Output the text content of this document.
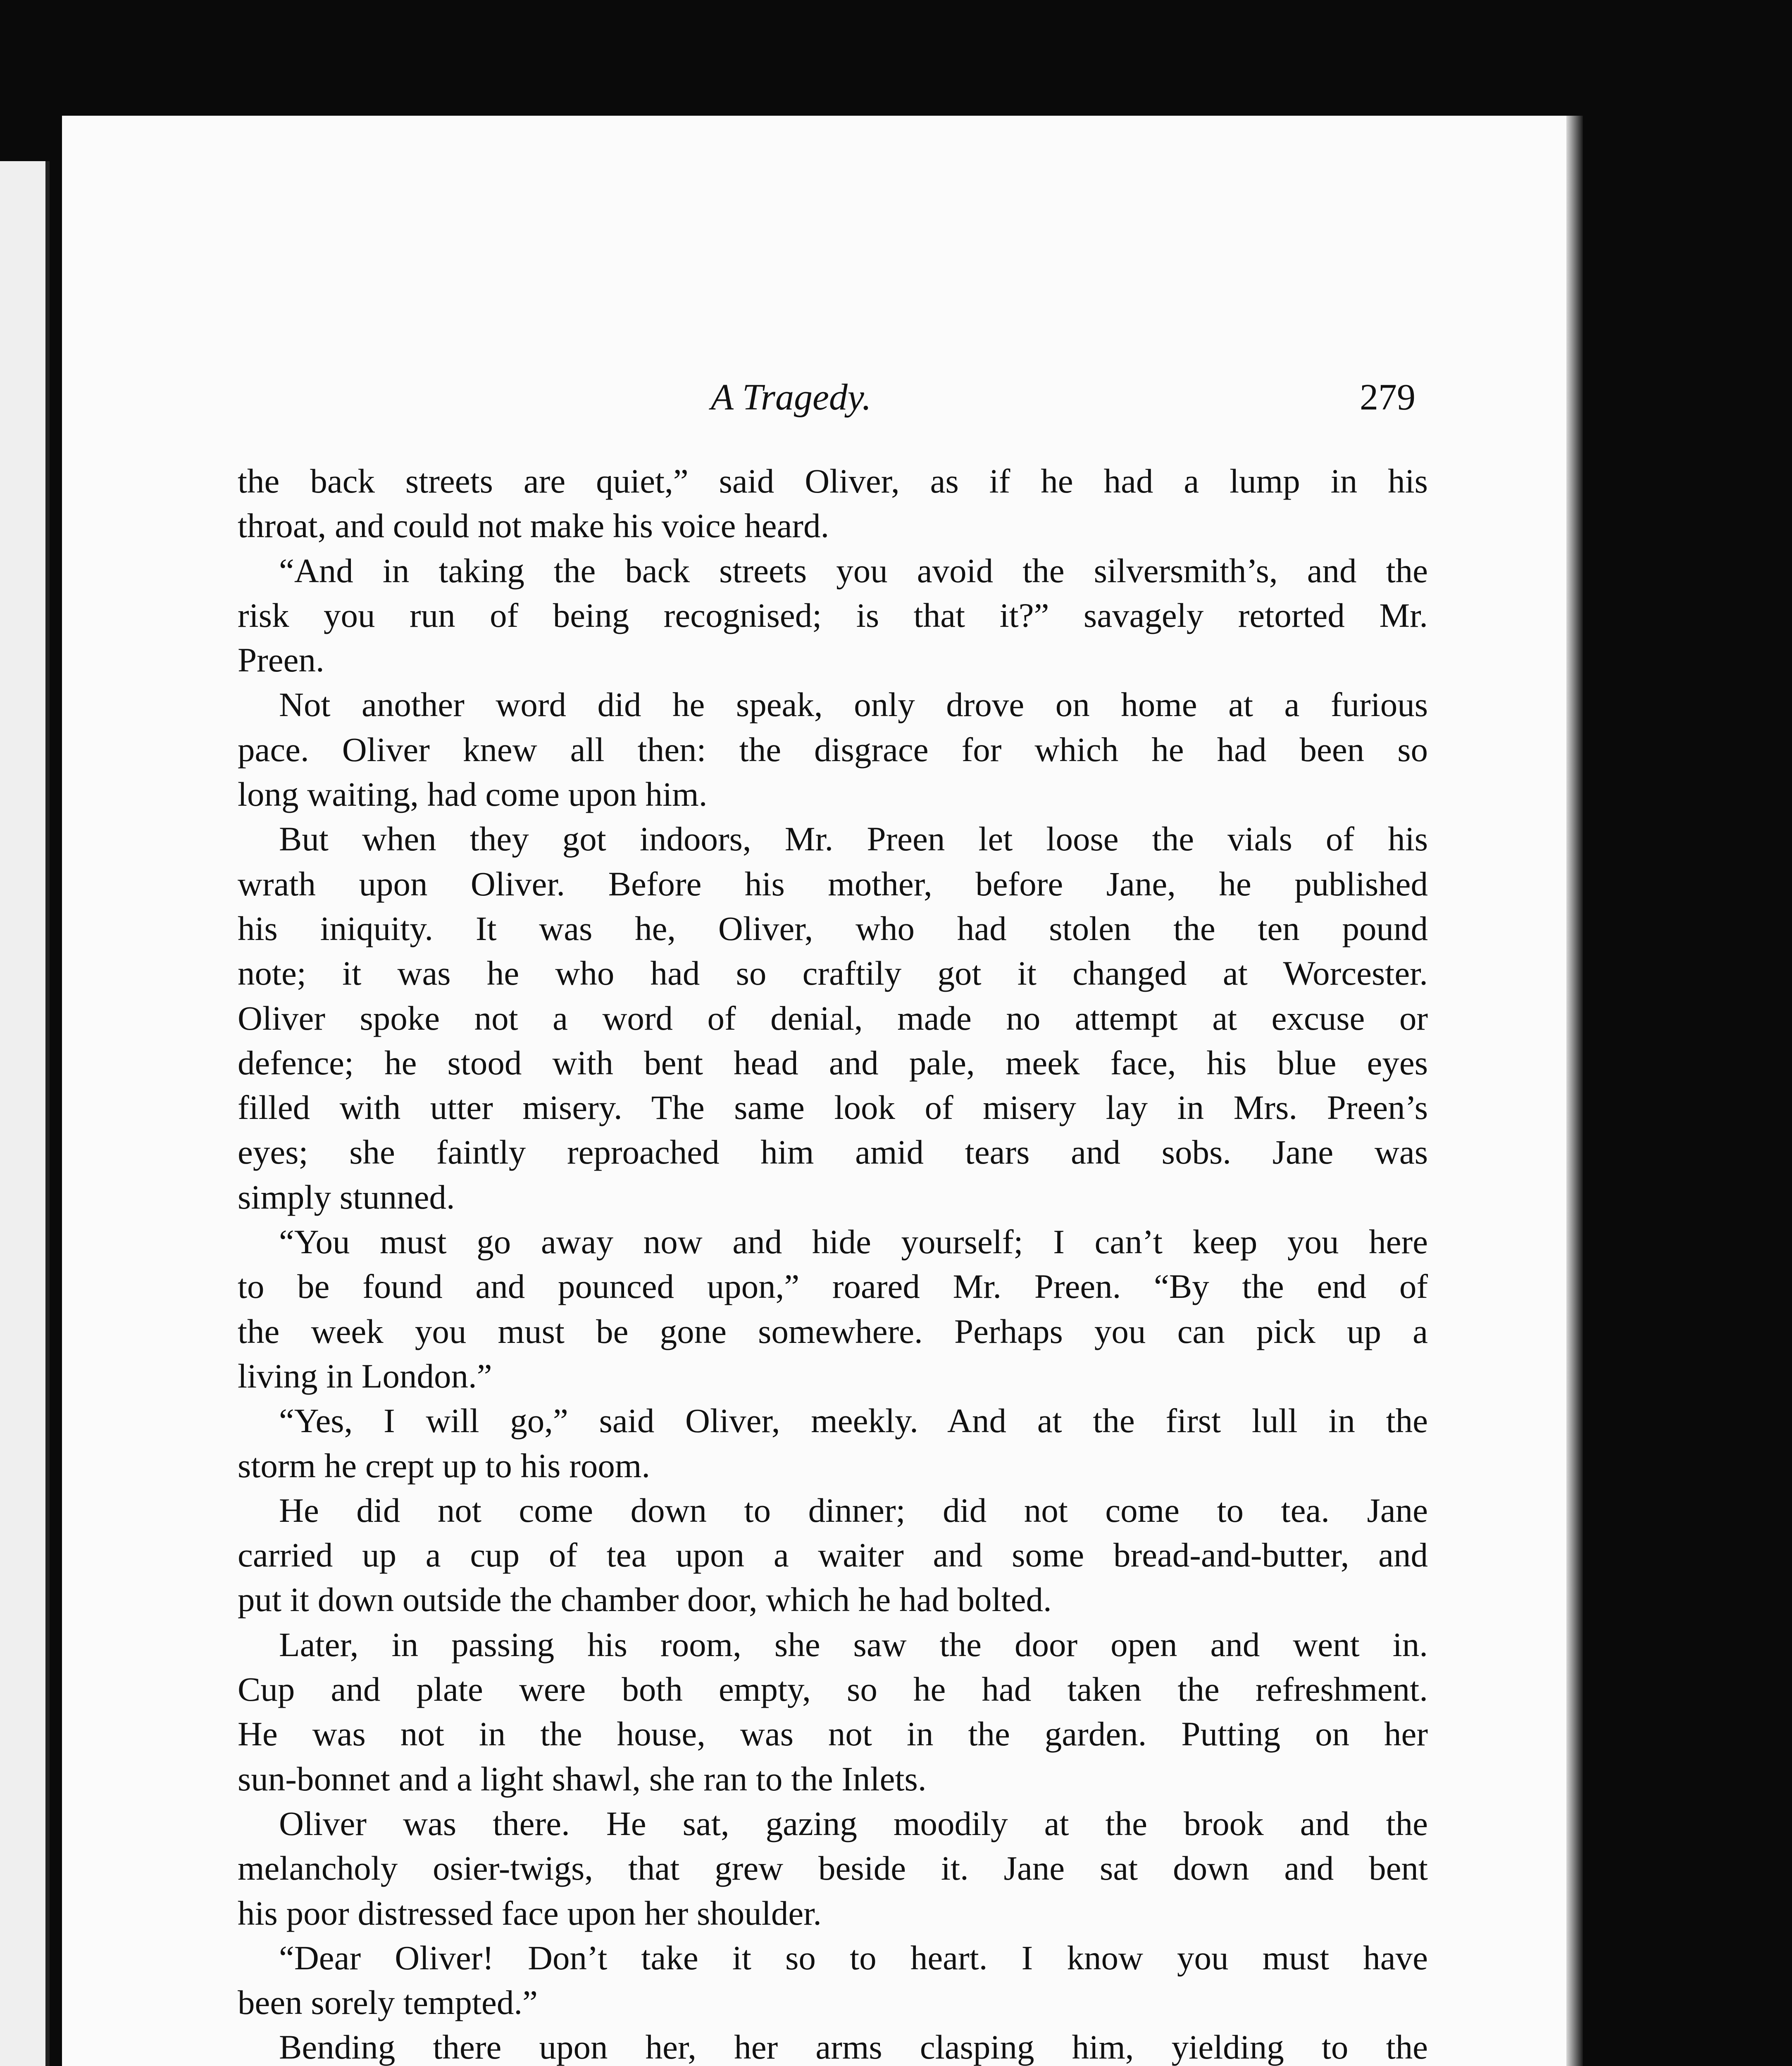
A Tragedy.	279
the back streets are quiet,” said Oliver, as if he had a lump in his
throat, and could not make his voice heard.
“And in taking the back streets you avoid the silversmith’s, and the
risk you run of being recognised; is that it?” savagely retorted Mr.
Preen.
Not another word did he speak, only drove on home at a furious
pace. Oliver knew all then: the disgrace for which he had been so
long waiting, had come upon him.
But when they got indoors, Mr. Preen let loose the vials of his
wrath upon Oliver. Before his mother, before Jane, he published
his iniquity. It was he, Oliver, who had stolen the ten pound
note; it was he who had so craftily got it changed at Worcester.
Oliver spoke not a word of denial, made no attempt at excuse or
defence; he stood with bent head and pale, meek face, his blue eyes
filled with utter misery. The same look of misery lay in Mrs. Preen’s
eyes; she faintly reproached him amid tears and sobs. Jane was
simply stunned.
“You must go away now and hide yourself; I can’t keep you here
to be found and pounced upon,” roared Mr. Preen. “By the end of
the week you must be gone somewhere. Perhaps you can pick up a
living in London.”
“Yes, I will go,” said Oliver, meekly. And at the first lull in the
storm he crept up to his room.
He did not come down to dinner; did not come to tea. Jane
carried up a cup of tea upon a waiter and some bread-and-butter, and
put it down outside the chamber door, which he had bolted.
Later, in passing his room, she saw the door open and went in.
Cup and plate were both empty, so he had taken the refreshment.
He was not in the house, was not in the garden. Putting on her
sun-bonnet and a light shawl, she ran to the Inlets.
Oliver was there. He sat, gazing moodily at the brook and the
melancholy osier-twigs, that grew beside it. Jane sat down and bent
his poor distressed face upon her shoulder.
“Dear Oliver! Don’t take it so to heart. I know you must have
been sorely tempted.”
Bending there upon her, her arms clasping him, yielding to the
